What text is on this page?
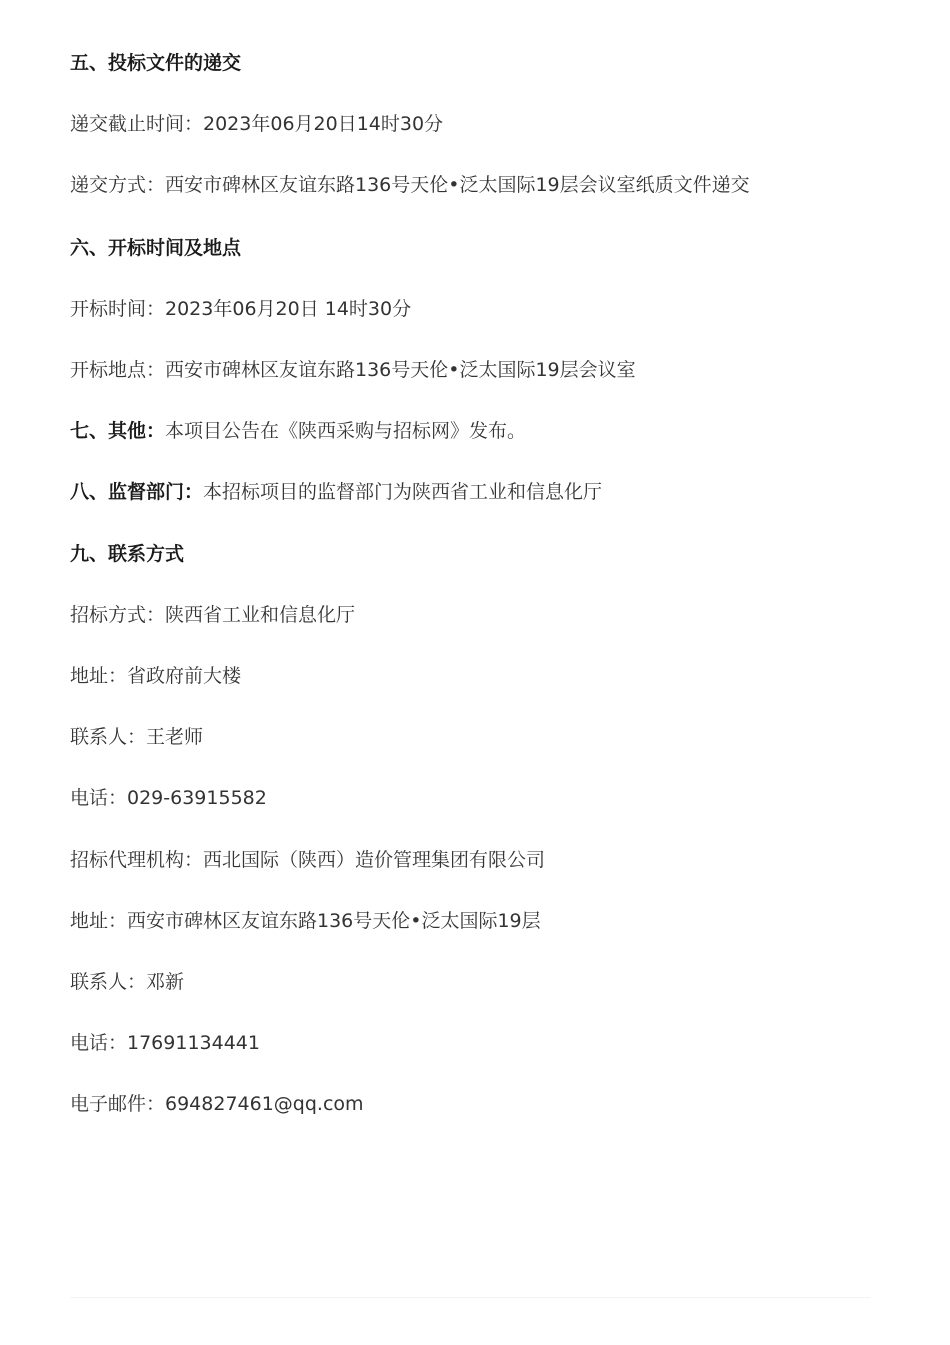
五、投标文件的递交
递交截止时间：2023年06月20日14时30分
递交方式：西安市碑林区友谊东路136号天伦•泛太国际19层会议室纸质文件递交
六、开标时间及地点
开标时间：2023年06月20日 14时30分
开标地点：西安市碑林区友谊东路136号天伦•泛太国际19层会议室
七、其他：本项目公告在《陕西采购与招标网》发布。
八、监督部门：本招标项目的监督部门为陕西省工业和信息化厅
九、联系方式
招标方式：陕西省工业和信息化厅
地址：省政府前大楼
联系人：王老师
电话：029-63915582
招标代理机构：西北国际（陕西）造价管理集团有限公司
地址：西安市碑林区友谊东路136号天伦•泛太国际19层
联系人：邓新
电话：17691134441
电子邮件：694827461@qq.com
